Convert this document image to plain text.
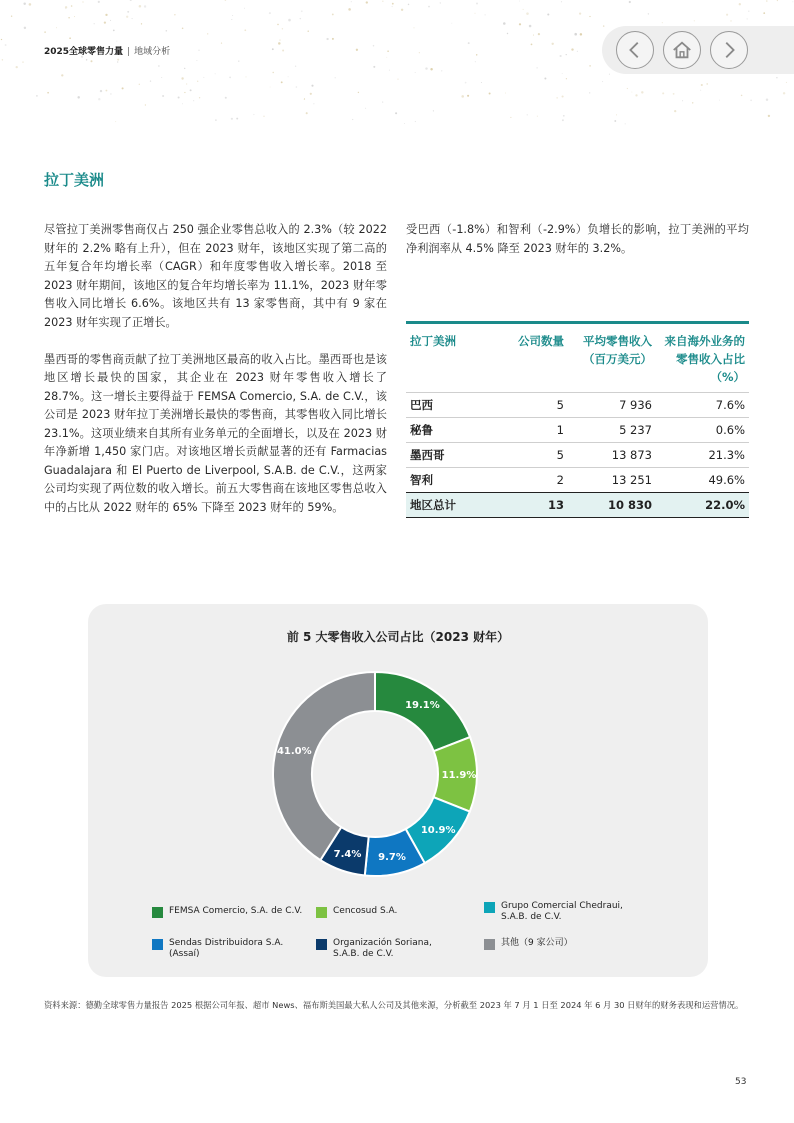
2025全球零售力量 | 地域分析
拉丁美洲

尽管拉丁美洲零售商仅占 250 强企业零售总收入的 2.3%（较 2022 财年的 2.2% 略有上升），但在 2023 财年，该地区实现了第二高的五年复合年均增长率（CAGR）和年度零售收入增长率。2018 至 2023 财年期间，该地区的复合年均增长率为 11.1%，2023 财年零售收入同比增长 6.6%。该地区共有 13 家零售商，其中有 9 家在 2023 财年实现了正增长。

墨西哥的零售商贡献了拉丁美洲地区最高的收入占比。墨西哥也是该地区增长最快的国家，其企业在 2023 财年零售收入增长了 28.7%。这一增长主要得益于 FEMSA Comercio, S.A. de C.V.，该公司是 2023 财年拉丁美洲增长最快的零售商，其零售收入同比增长 23.1%。这项业绩来自其所有业务单元的全面增长，以及在 2023 财年净新增 1,450 家门店。对该地区增长贡献显著的还有 Farmacias Guadalajara 和 El Puerto de Liverpool, S.A.B. de C.V.，这两家公司均实现了两位数的收入增长。前五大零售商在该地区零售总收入中的占比从 2022 财年的 65% 下降至 2023 财年的 59%。

受巴西（-1.8%）和智利（-2.9%）负增长的影响，拉丁美洲的平均净利润率从 4.5% 降至 2023 财年的 3.2%。

拉丁美洲	公司数量	平均零售收入（百万美元）	来自海外业务的零售收入占比（%）
巴西	5	7 936	7.6%
秘鲁	1	5 237	0.6%
墨西哥	5	13 873	21.3%
智利	2	13 251	49.6%
地区总计	13	10 830	22.0%
前 5 大零售收入公司占比（2023 财年）
19.1%
11.9%
10.9%
9.7%
7.4%
41.0%
FEMSA Comercio, S.A. de C.V.	Cencosud S.A.	Grupo Comercial Chedraui, S.A.B. de C.V.
Sendas Distribuidora S.A. (Assaí)
Organización Soriana, S.A.B. de C.V.
其他（9 家公司）
资料来源：德勤全球零售力量报告 2025 根据公司年报、超市 News、福布斯美国最大私人公司及其他来源，分析截至 2023 年 7 月 1 日至 2024 年 6 月 30 日财年的财务表现和运营情况。
53
